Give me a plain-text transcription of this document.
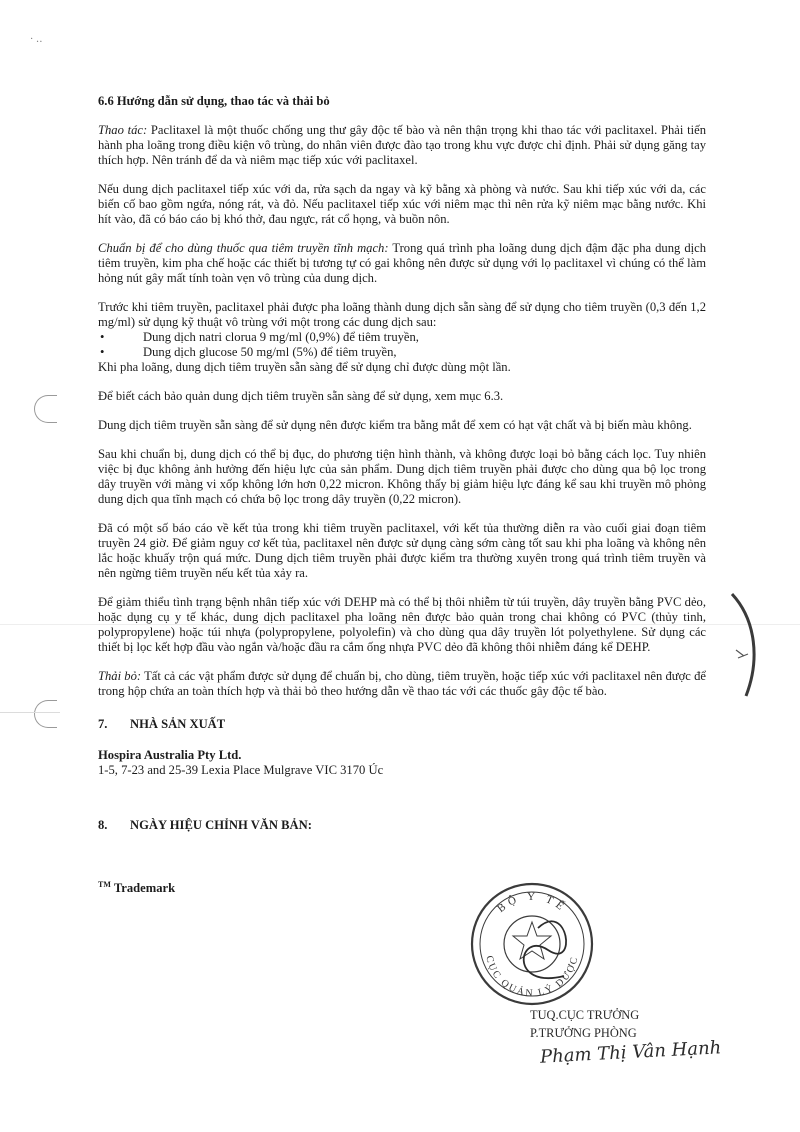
· ‥

6.6 Hướng dẫn sử dụng, thao tác và thải bỏ

Thao tác: Paclitaxel là một thuốc chống ung thư gây độc tế bào và nên thận trọng khi thao tác với paclitaxel. Phải tiến hành pha loãng trong điều kiện vô trùng, do nhân viên được đào tạo trong khu vực được chỉ định. Phải sử dụng găng tay thích hợp. Nên tránh để da và niêm mạc tiếp xúc với paclitaxel.

Nếu dung dịch paclitaxel tiếp xúc với da, rửa sạch da ngay và kỹ bằng xà phòng và nước. Sau khi tiếp xúc với da, các biến cố bao gồm ngứa, nóng rát, và đỏ. Nếu paclitaxel tiếp xúc với niêm mạc thì nên rửa kỹ niêm mạc bằng nước. Khi hít vào, đã có báo cáo bị khó thở, đau ngực, rát cổ họng, và buồn nôn.

Chuẩn bị để cho dùng thuốc qua tiêm truyền tĩnh mạch: Trong quá trình pha loãng dung dịch đậm đặc pha dung dịch tiêm truyền, kim pha chế hoặc các thiết bị tương tự có gai không nên được sử dụng với lọ paclitaxel vì chúng có thể làm hỏng nút gây mất tính toàn vẹn vô trùng của dung dịch.

Trước khi tiêm truyền, paclitaxel phải được pha loãng thành dung dịch sẵn sàng để sử dụng cho tiêm truyền (0,3 đến 1,2 mg/ml) sử dụng kỹ thuật vô trùng với một trong các dung dịch sau:

• Dung dịch natri clorua 9 mg/ml (0,9%) để tiêm truyền,
• Dung dịch glucose 50 mg/ml (5%) để tiêm truyền,

Khi pha loãng, dung dịch tiêm truyền sẵn sàng để sử dụng chỉ được dùng một lần.

Để biết cách bảo quản dung dịch tiêm truyền sẵn sàng để sử dụng, xem mục 6.3.

Dung dịch tiêm truyền sẵn sàng để sử dụng nên được kiểm tra bằng mắt để xem có hạt vật chất và bị biến màu không.

Sau khi chuẩn bị, dung dịch có thể bị đục, do phương tiện hình thành, và không được loại bỏ bằng cách lọc. Tuy nhiên việc bị đục không ảnh hưởng đến hiệu lực của sản phẩm. Dung dịch tiêm truyền phải được cho dùng qua bộ lọc trong dây truyền với màng vi xốp không lớn hơn 0,22 micron. Không thấy bị giảm hiệu lực đáng kể sau khi truyền mô phỏng dung dịch qua tĩnh mạch có chứa bộ lọc trong dây truyền (0,22 micron).

Đã có một số báo cáo về kết tủa trong khi tiêm truyền paclitaxel, với kết tủa thường diễn ra vào cuối giai đoạn tiêm truyền 24 giờ. Để giảm nguy cơ kết tủa, paclitaxel nên được sử dụng càng sớm càng tốt sau khi pha loãng và không nên lắc hoặc khuấy trộn quá mức. Dung dịch tiêm truyền phải được kiểm tra thường xuyên trong quá trình tiêm truyền và nên ngừng tiêm truyền nếu kết tủa xảy ra.

Để giảm thiểu tình trạng bệnh nhân tiếp xúc với DEHP mà có thể bị thôi nhiễm từ túi truyền, dây truyền bằng PVC dẻo, hoặc dụng cụ y tế khác, dung dịch paclitaxel pha loãng nên được bảo quản trong chai không có PVC (thủy tinh, polypropylene) hoặc túi nhựa (polypropylene, polyolefin) và cho dùng qua dây truyền lót polyethylene. Sử dụng các thiết bị lọc kết hợp đầu vào ngắn và/hoặc đầu ra cắm ống nhựa PVC dẻo đã không thôi nhiễm đáng kể DEHP.

Thải bỏ: Tất cả các vật phẩm được sử dụng để chuẩn bị, cho dùng, tiêm truyền, hoặc tiếp xúc với paclitaxel nên được để trong hộp chứa an toàn thích hợp và thải bỏ theo hướng dẫn về thao tác với các thuốc gây độc tế bào.

7. NHÀ SẢN XUẤT

Hospira Australia Pty Ltd.

1-5, 7-23 and 25-39 Lexia Place Mulgrave VIC 3170 Úc

8. NGÀY HIỆU CHỈNH VĂN BẢN:

™ Trademark

BỘ Y TẾ
CỤC QUẢN LÝ DƯỢC
TUQ.CỤC TRƯỞNG
P.TRƯỞNG PHÒNG
Phạm Thị Vân Hạnh
